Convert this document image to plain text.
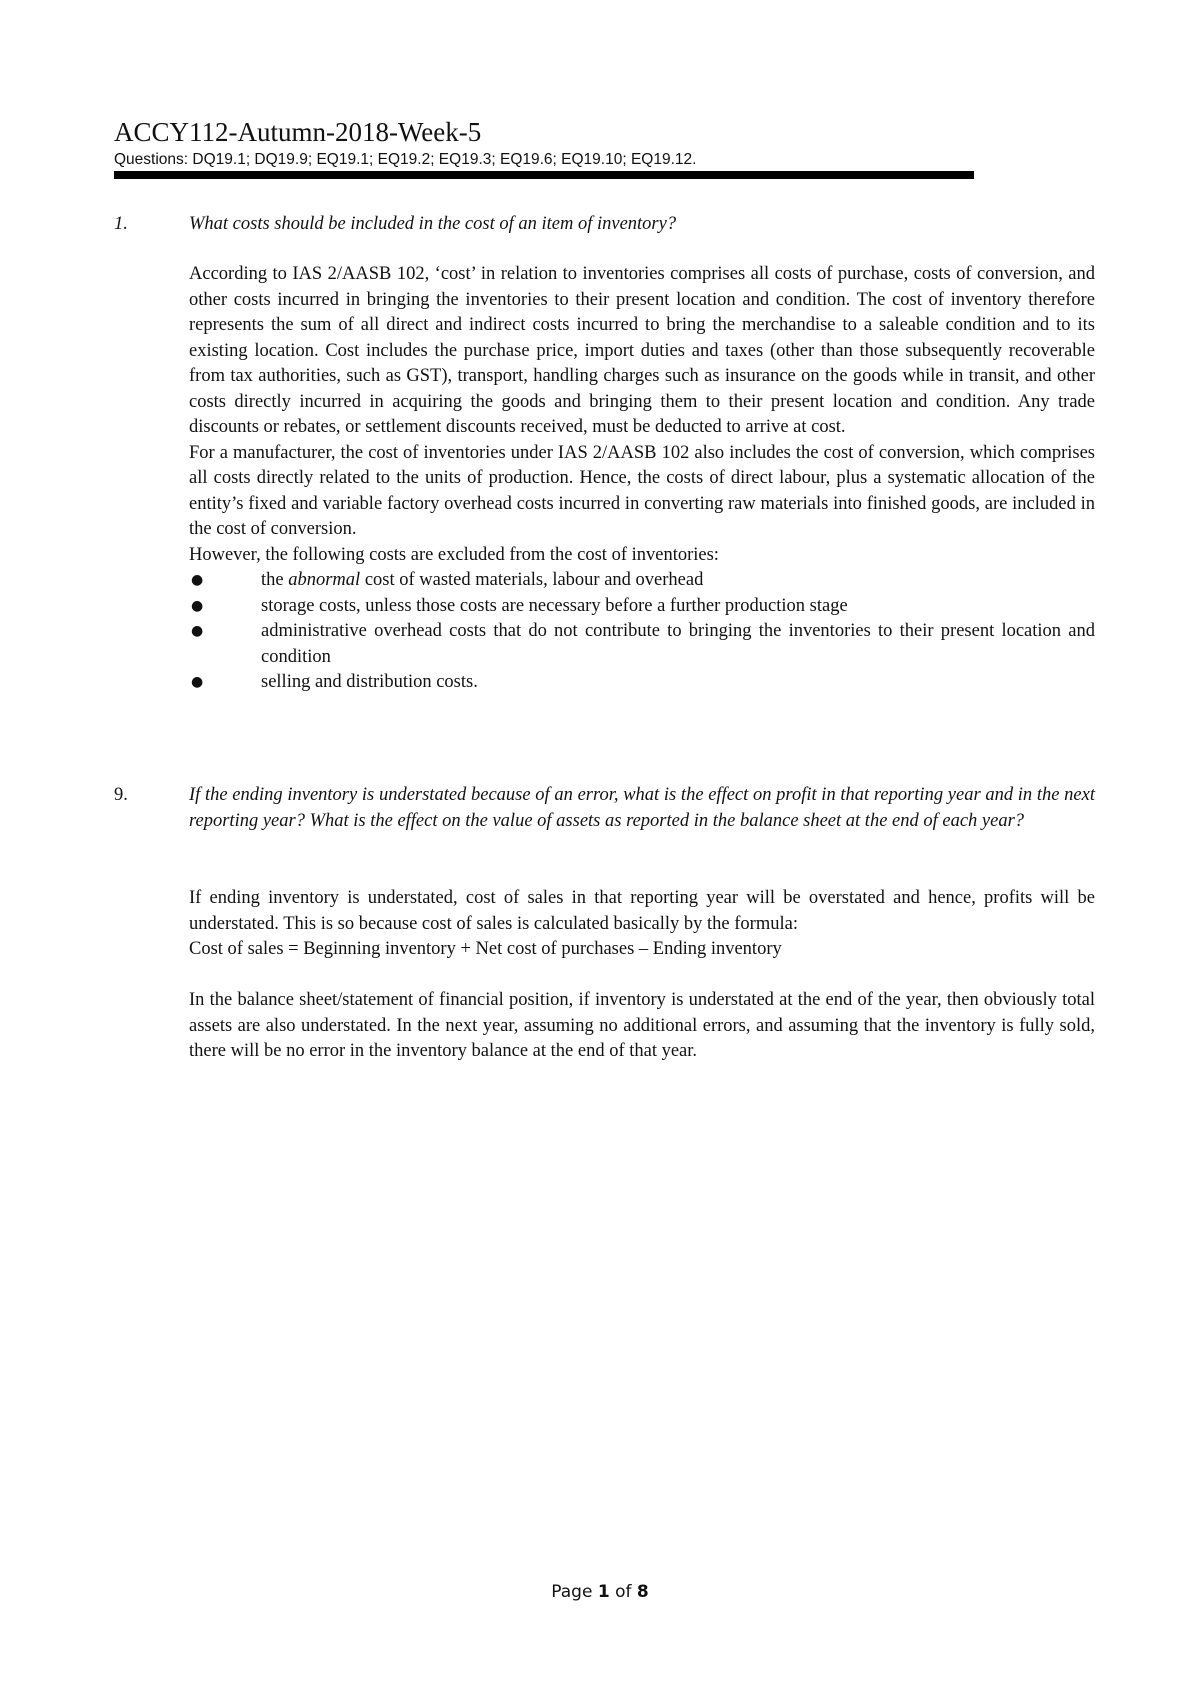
ACCY112-Autumn-2018-Week-5
Questions: DQ19.1; DQ19.9; EQ19.1; EQ19.2; EQ19.3; EQ19.6; EQ19.10; EQ19.12.
1.	What costs should be included in the cost of an item of inventory?

According to IAS 2/AASB 102, ‘cost’ in relation to inventories comprises all costs of purchase, costs of conversion, and other costs incurred in bringing the inventories to their present location and condition. The cost of inventory therefore represents the sum of all direct and indirect costs incurred to bring the merchandise to a saleable condition and to its existing location. Cost includes the purchase price, import duties and taxes (other than those subsequently recoverable from tax authorities, such as GST), transport, handling charges such as insurance on the goods while in transit, and other costs directly incurred in acquiring the goods and bringing them to their present location and condition. Any trade discounts or rebates, or settlement discounts received, must be deducted to arrive at cost.

For a manufacturer, the cost of inventories under IAS 2/AASB 102 also includes the cost of conversion, which comprises all costs directly related to the units of production. Hence, the costs of direct labour, plus a systematic allocation of the entity’s fixed and variable factory overhead costs incurred in converting raw materials into finished goods, are included in the cost of conversion.

However, the following costs are excluded from the cost of inventories:

●	the abnormal cost of wasted materials, labour and overhead
●	storage costs, unless those costs are necessary before a further production stage
●	administrative overhead costs that do not contribute to bringing the inventories to their present location and condition
●	selling and distribution costs.
9.	If the ending inventory is understated because of an error, what is the effect on profit in that reporting year and in the next reporting year? What is the effect on the value of assets as reported in the balance sheet at the end of each year?

If ending inventory is understated, cost of sales in that reporting year will be overstated and hence, profits will be understated. This is so because cost of sales is calculated basically by the formula:

Cost of sales = Beginning inventory + Net cost of purchases – Ending inventory

In the balance sheet/statement of financial position, if inventory is understated at the end of the year, then obviously total assets are also understated. In the next year, assuming no additional errors, and assuming that the inventory is fully sold, there will be no error in the inventory balance at the end of that year.

Page 1 of 8
